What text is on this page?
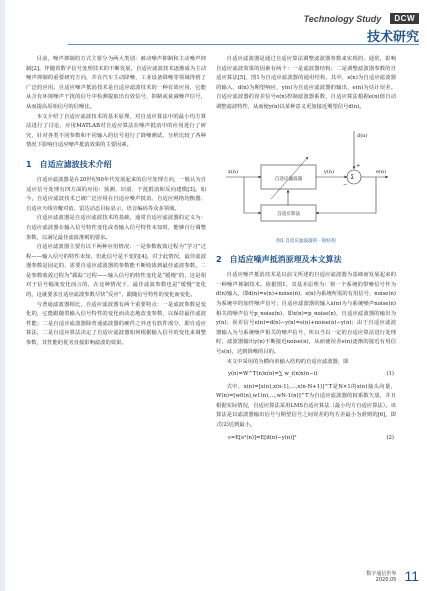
Technology Study DCW
技术研究

目前，噪声抑制的方式主要分为两大类别：被动噪声抑制和主动噪声抑制[2]。伴随着数字信号处理技术的不断发展，自适应滤波技术逐渐成为主动噪声抑制的重要研究方向，并在汽车主动降噪、工业设备降噪等领域得到了广泛的应用。自适应噪声抵消技术是自适应滤波技术的一种有效应用，它能从含有环境噪声干扰的信号中检测提取出有效信号，抑制或衰减噪声信号，从而提高原始信号的信噪比。

本文介绍了自适应滤波技术的基本原理，对自适应算法中的最小均方算法进行了讨论，应用MATLAB对自适应算法在噪声抵消中的应用进行了研究，针对各类不同参数和不同输入的信号进行了降噪测试，分析比较了各种情况下影响自适应噪声抵消效果的主要因素。

1 自适应滤波技术介绍

自适应滤波器是在20世纪60年代发展起来的信号处理方向，一般认为自适应信号处理有四方面的应用：预测、识别、干扰抵消和反向建模[3]。如今，自适应滤波技术已被广泛应用在自适应噪声抵消、自适应网络均衡器、自适应天线旁瓣对消、雷达动态目标显示、语音编码等众多领域。

自适应滤波器是自适应滤波技术的基础，通常自适应滤波器的定义为：自适应滤波器在输入信号特性变化或者输入信号特性未知时，能够自行调整参数，以满足最佳滤波准则的要求。

自适应滤波器主要有以下两种应用情况：一是参数收敛过程为“学习”过程——输入信号的特性未知，但此信号是不变的[4]，对于此情况，最佳滤波器参数是固定的，需要自适应滤波器的参数能不断收敛到最佳滤波参数。二是参数收敛过程为“跟踪”过程——输入信号的特性变化是“缓慢”的，这是相对于信号幅度变化而言的，在这种情况下，最佳滤波参数也是“缓慢”变化的，这就要求自适应滤波参数尽快“反应”，跟随信号特性的变化而变化。

与普通滤波器相比，自适应滤波器有两个重要特点：一是滤波参数是变化的，它能跟随着输入信号特性的变化而动态地改变参数，以保持最佳滤波性能；二是自适应滤波器除普通滤波器的硬件之外还有软件部分，即自适应算法，二是自适应算法决定了自适应滤波器如何根据输入信号的变化来调整参数，其性能的优劣直接影响滤波的效果。

自适应滤波器是通过自适应算法调整滤波器参数来实现的，通常，影响自适应滤波效果的因素有两个：一是滤波器结构；二是调整滤波器参数的自适应算法[5]。图1为自适应滤波器的通用结构，其中，x(n)为自适应滤波器的输入、d(n)为期望响应，y(n)为自适应滤波器的输出，e(n)为估计误差。自适应滤波器的误差信号e(n)控制滤波器系数，自适应算法根据e(n)值自动调整滤波特性，从而使y(n)以某种意义更加接近期望信号d(n)。

x(n)	y(n)
d(n)
e(n)
+
−
Σ
自适应滤波器
自适应算法
图1 自适应滤波器的一般结构
2 自适应噪声抵消原理及本文算法

自适应噪声抵消技术是以前文所述的自适应滤波器为基础而发展起来的一种噪声抑制技术。依据图1，其基本原理为：将一个系统的带噪信号作为d(n)输入，即d(n)=s(n)+noise(n)，s(n)为系统所需的有用信号，noise(n)为系统中的加性噪声信号；自适应滤波器的输入x(n)为与系统噪声noise(n)相关的噪声信号p_noise(n)，即x(n)=p_noise(n)，自适应滤波器的输出为y(n)；误差信号e(n)=d(n)−y(n)=s(n)+noise(n)−y(n)；由于自适应滤波器输入为与系统噪声相关的噪声信号，所以当以一定的自适应算法进行处理时，滤波器输出y(n)不断接近noise(n)，从而使误差e(n)逐渐的接近有用信号s(n)，达到降噪的目的。

本文中采用的为横向单输入结构的自适应滤波器，即

y(n)=W^T(n)x(n)=∑ w_i(n)x(n−i)	(1)

式中，x(n)=[x(n),x(n-1),…,x(n-N+1)]^T是N×1的x(n)抽头向量，W(n)=[w0(n),w1(n),…,wN-1(n)]^T为自适应滤波器的权系数矢量，并且根据实际情况，自适应算法采用LMS自适应算法（最小均方自适应算法）。该算法是以滤波器输出信号与期望信号之间误差的均方差最小为准则的[6]，即式(2)达到最小。

ε=E[e²(n)]=E[d(n)−y(n)]²	(2)
数字通信世界
2020.05 11
